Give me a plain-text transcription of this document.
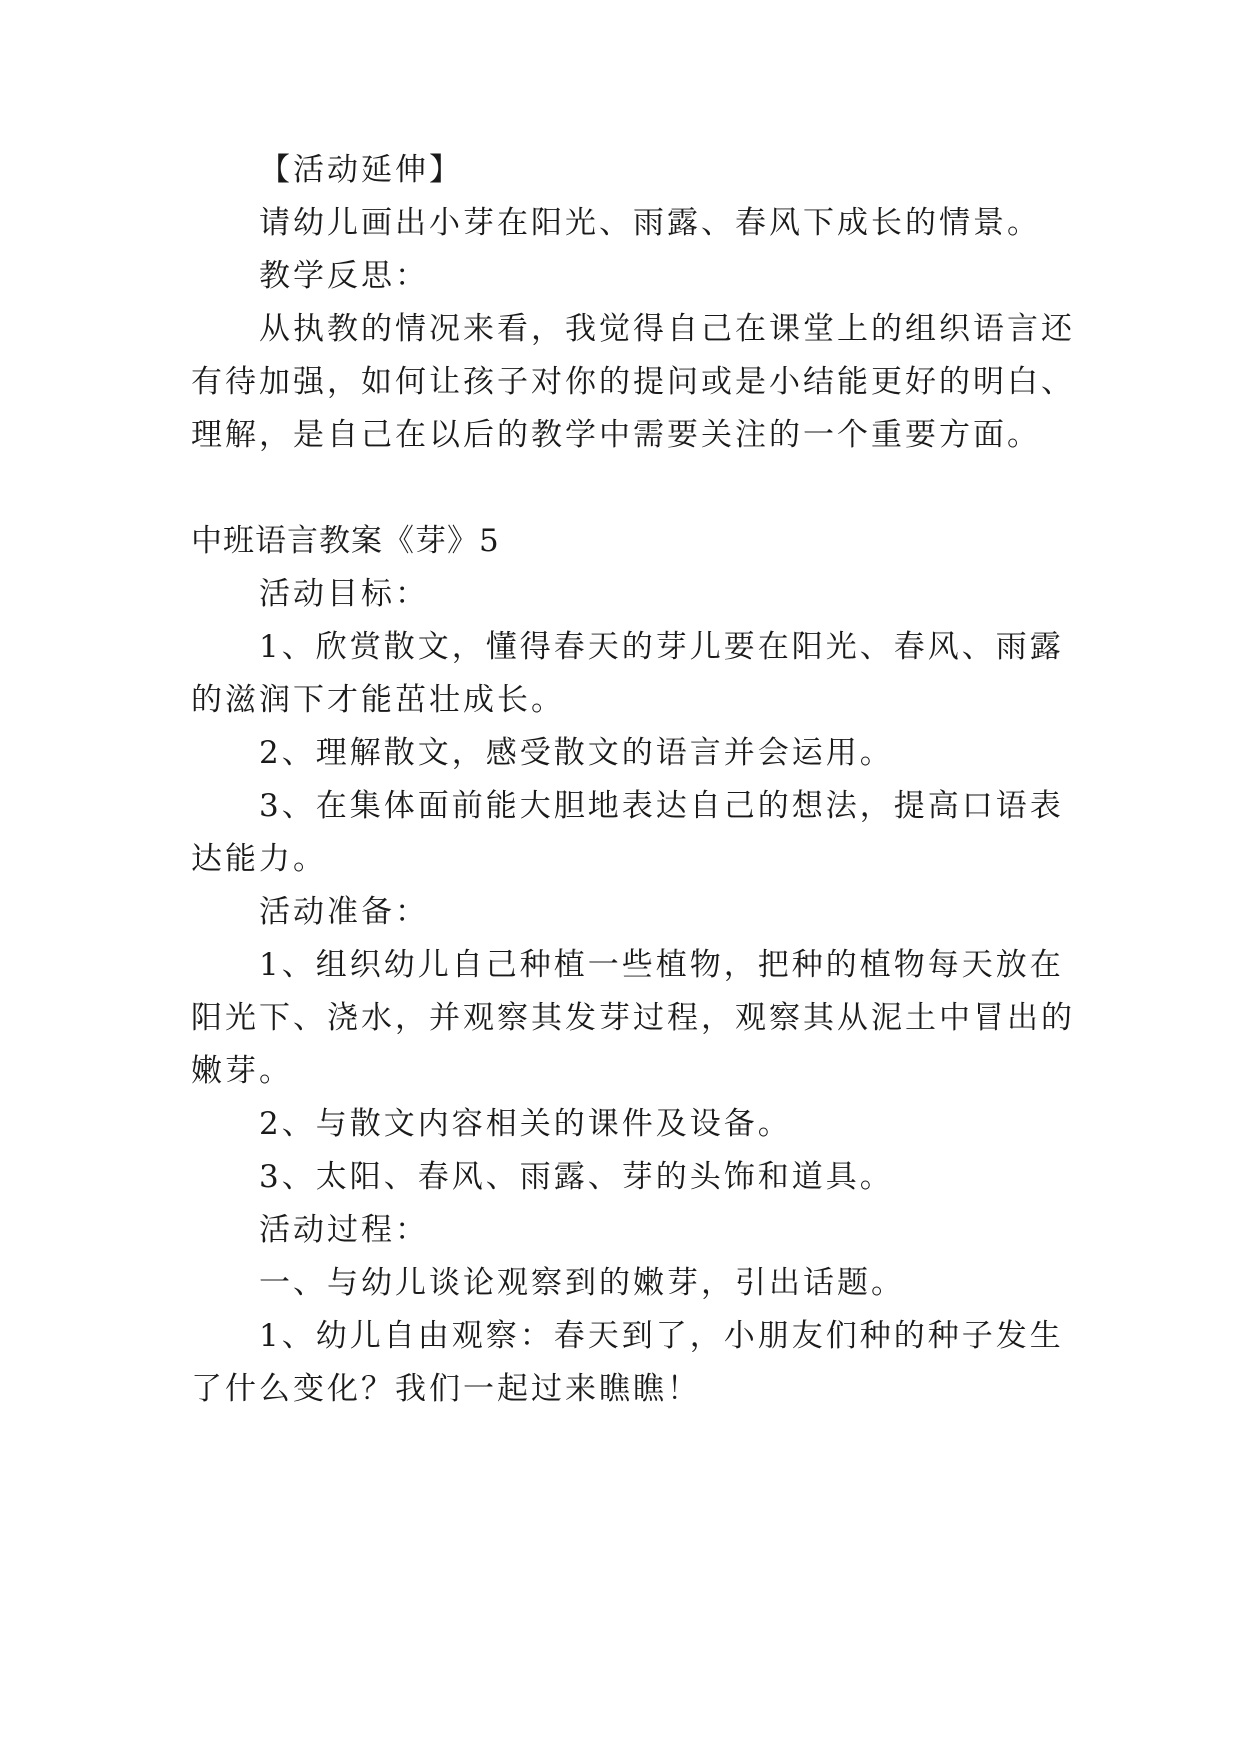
【活动延伸】
请幼儿画出小芽在阳光、雨露、春风下成长的情景。
教学反思：
从执教的情况来看，我觉得自己在课堂上的组织语言还
有待加强，如何让孩子对你的提问或是小结能更好的明白、
理解，是自己在以后的教学中需要关注的一个重要方面。
中班语言教案《芽》5
活动目标：
1、欣赏散文，懂得春天的芽儿要在阳光、春风、雨露
的滋润下才能茁壮成长。
2、理解散文，感受散文的语言并会运用。
3、在集体面前能大胆地表达自己的想法，提高口语表
达能力。
活动准备：
1、组织幼儿自己种植一些植物，把种的植物每天放在
阳光下、浇水，并观察其发芽过程，观察其从泥土中冒出的
嫩芽。
2、与散文内容相关的课件及设备。
3、太阳、春风、雨露、芽的头饰和道具。
活动过程：
一、与幼儿谈论观察到的嫩芽，引出话题。
1、幼儿自由观察：春天到了，小朋友们种的种子发生
了什么变化？我们一起过来瞧瞧！
